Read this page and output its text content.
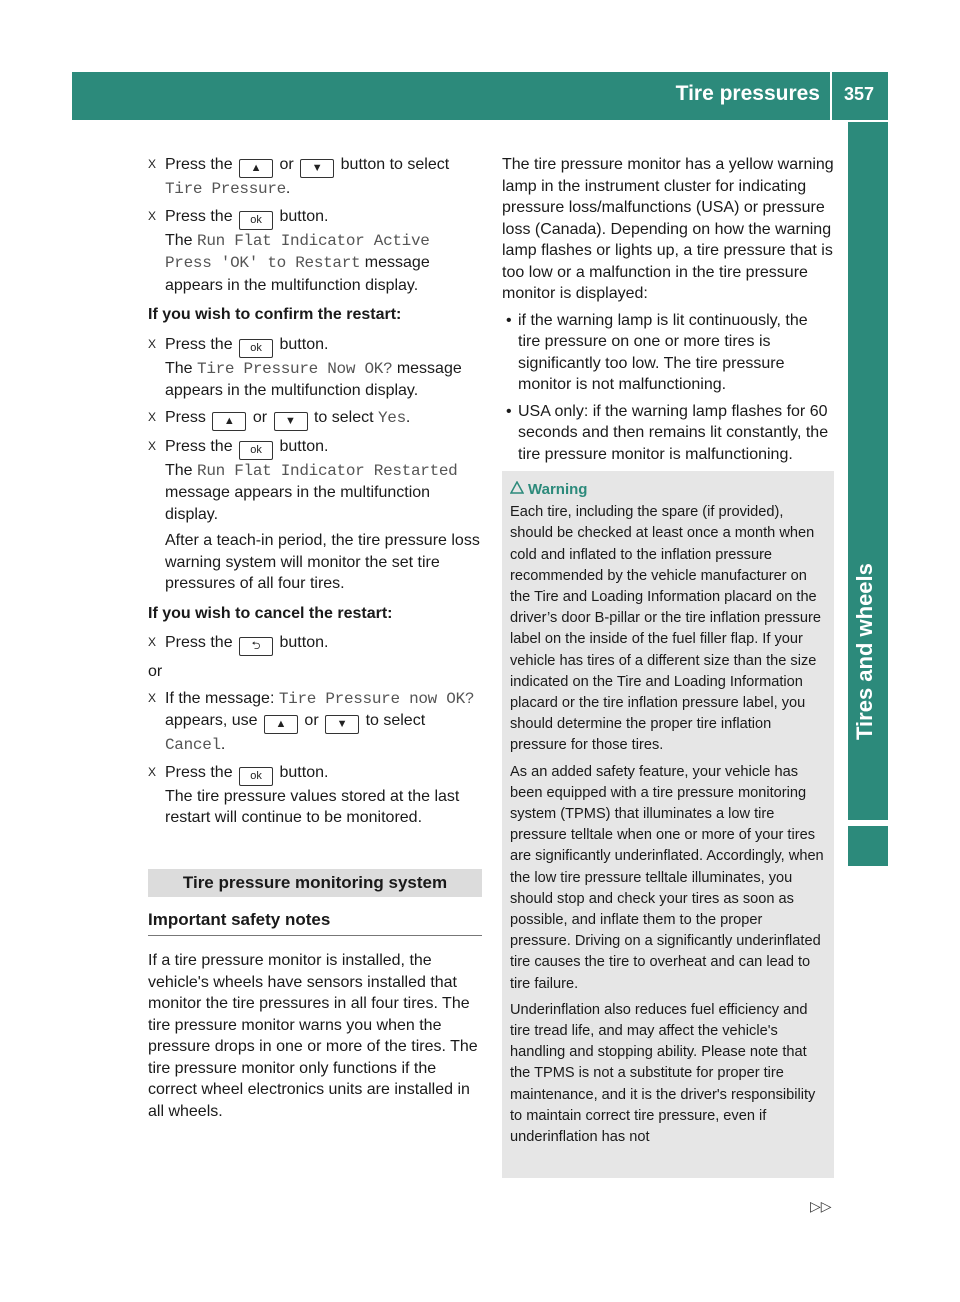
Tire pressures 357
Tires and wheels
X Press the ▲ or ▼ button to select Tire Pressure.
X Press the ok button.
The Run Flat Indicator Active
Press 'OK' to Restart message appears in the multifunction display.
If you wish to confirm the restart:
X Press the ok button.
The Tire Pressure Now OK? message appears in the multifunction display.
X Press ▲ or ▼ to select Yes.
X Press the ok button.
The Run Flat Indicator Restarted message appears in the multifunction display.
After a teach-in period, the tire pressure loss warning system will monitor the set tire pressures of all four tires.
If you wish to cancel the restart:
X Press the ⮌ button.
or
X If the message: Tire Pressure now OK? appears, use ▲ or ▼ to select Cancel.
X Press the ok button.
The tire pressure values stored at the last restart will continue to be monitored.
Tire pressure monitoring system
Important safety notes
If a tire pressure monitor is installed, the vehicle's wheels have sensors installed that monitor the tire pressures in all four tires. The tire pressure monitor warns you when the pressure drops in one or more of the tires. The tire pressure monitor only functions if the correct wheel electronics units are installed in all wheels.
The tire pressure monitor has a yellow warning lamp in the instrument cluster for indicating pressure loss/malfunctions (USA) or pressure loss (Canada). Depending on how the warning lamp flashes or lights up, a tire pressure that is too low or a malfunction in the tire pressure monitor is displayed:
• if the warning lamp is lit continuously, the tire pressure on one or more tires is significantly too low. The tire pressure monitor is not malfunctioning.
• USA only: if the warning lamp flashes for 60 seconds and then remains lit constantly, the tire pressure monitor is malfunctioning.
Warning
Each tire, including the spare (if provided), should be checked at least once a month when cold and inflated to the inflation pressure recommended by the vehicle manufacturer on the Tire and Loading Information placard on the driver’s door B-pillar or the tire inflation pressure label on the inside of the fuel filler flap. If your vehicle has tires of a different size than the size indicated on the Tire and Loading Information placard or the tire inflation pressure label, you should determine the proper tire inflation pressure for those tires.
As an added safety feature, your vehicle has been equipped with a tire pressure monitoring system (TPMS) that illuminates a low tire pressure telltale when one or more of your tires are significantly underinflated. Accordingly, when the low tire pressure telltale illuminates, you should stop and check your tires as soon as possible, and inflate them to the proper pressure. Driving on a significantly underinflated tire causes the tire to overheat and can lead to tire failure.
Underinflation also reduces fuel efficiency and tire tread life, and may affect the vehicle's handling and stopping ability. Please note that the TPMS is not a substitute for proper tire maintenance, and it is the driver's responsibility to maintain correct tire pressure, even if underinflation has not
▷▷
